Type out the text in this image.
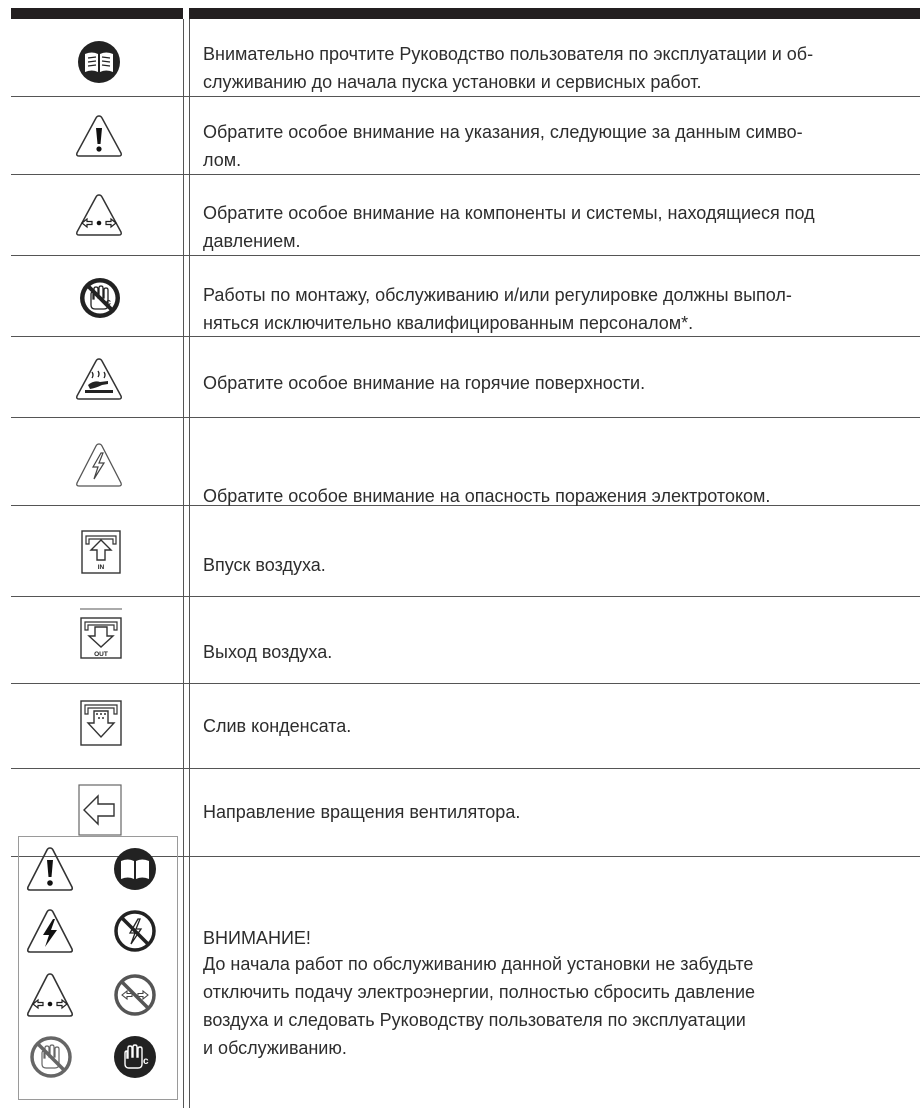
Внимательно прочтите Руководство пользователя по эксплуатации и об-
служиванию до начала пуска установки и сервисных работ.
Обратите особое внимание на указания, следующие за данным симво-
лом.
Обратите особое внимание на компоненты и системы, находящиеся под
давлением.
c	Работы по монтажу, обслуживанию и/или регулировке должны выпол-
няться исключительно квалифицированным персоналом*.
Обратите особое внимание на горячие поверхности.
Обратите особое внимание на опасность поражения электротоком.
IN	Впуск воздуха.
OUT	Выход воздуха.
Слив конденсата.
Направление вращения вентилятора.
c
ВНИМАНИЕ!
До начала работ по обслуживанию данной установки не забудьте
отключить подачу электроэнергии, полностью сбросить давление
воздуха и следовать Руководству пользователя по эксплуатации
и обслуживанию.
